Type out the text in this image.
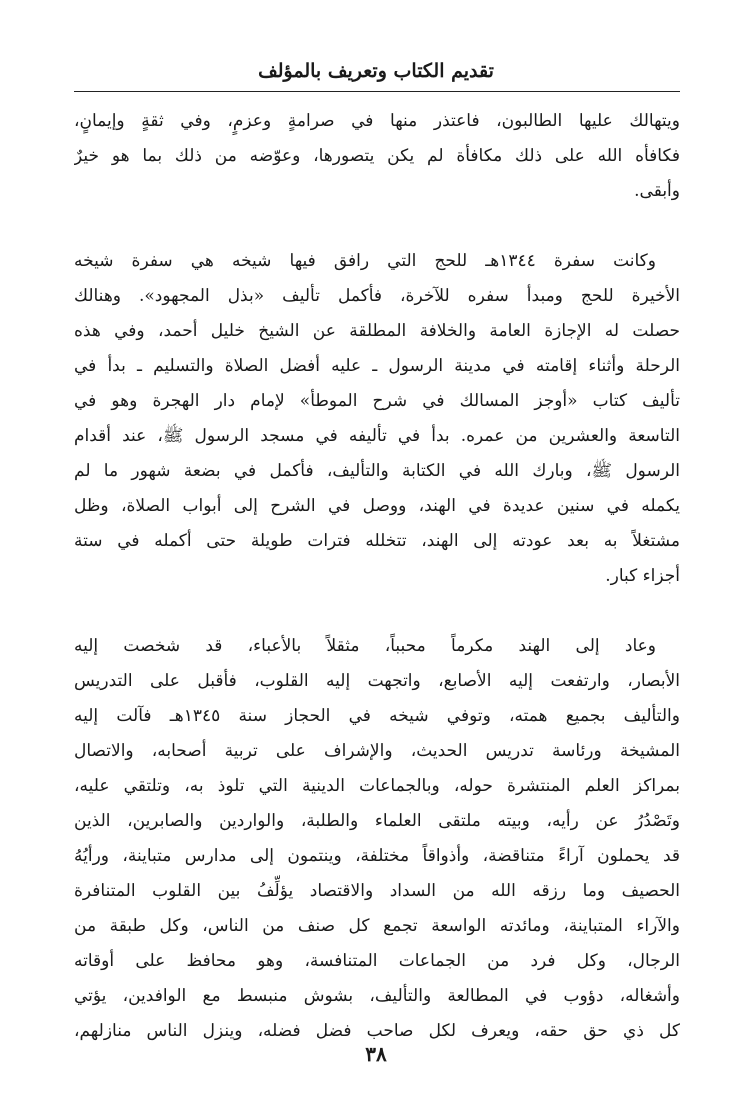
تقديم الكتاب وتعريف بالمؤلف
ويتهالك عليها الطالبون، فاعتذر منها في صرامةٍ وعزمٍ، وفي ثقةٍ وإيمانٍ،
فكافأه الله على ذلك مكافأة لم يكن يتصورها، وعوّضه من ذلك بما هو خيرٌ
وأبقى.
وكانت سفرة ١٣٤٤هـ للحج التي رافق فيها شيخه هي سفرة شيخه
الأخيرة للحج ومبدأ سفره للآخرة، فأكمل تأليف «بذل المجهود». وهنالك
حصلت له الإجازة العامة والخلافة المطلقة عن الشيخ خليل أحمد، وفي هذه
الرحلة وأثناء إقامته في مدينة الرسول ـ عليه أفضل الصلاة والتسليم ـ بدأ في
تأليف كتاب «أوجز المسالك في شرح الموطأ» لإمام دار الهجرة وهو في
التاسعة والعشرين من عمره. بدأ في تأليفه في مسجد الرسول ﷺ، عند أقدام
الرسول ﷺ، وبارك الله في الكتابة والتأليف، فأكمل في بضعة شهور ما لم
يكمله في سنين عديدة في الهند، ووصل في الشرح إلى أبواب الصلاة، وظل
مشتغلاً به بعد عودته إلى الهند، تتخلله فترات طويلة حتى أكمله في ستة
أجزاء كبار.
وعاد إلى الهند مكرماً محبباً، مثقلاً بالأعباء، قد شخصت إليه
الأبصار، وارتفعت إليه الأصابع، واتجهت إليه القلوب، فأقبل على التدريس
والتأليف بجميع همته، وتوفي شيخه في الحجاز سنة ١٣٤٥هـ فآلت إليه
المشيخة ورئاسة تدريس الحديث، والإشراف على تربية أصحابه، والاتصال
بمراكز العلم المنتشرة حوله، وبالجماعات الدينية التي تلوذ به، وتلتقي عليه،
وتَصْدُرُ عن رأيه، وبيته ملتقى العلماء والطلبة، والواردين والصابرين، الذين
قد يحملون آراءً متناقضة، وأذواقاً مختلفة، وينتمون إلى مدارس متباينة، ورأيُهُ
الحصيف وما رزقه الله من السداد والاقتصاد يؤلِّفُ بين القلوب المتنافرة
والآراء المتباينة، ومائدته الواسعة تجمع كل صنف من الناس، وكل طبقة من
الرجال، وكل فرد من الجماعات المتنافسة، وهو محافظ على أوقاته
وأشغاله، دؤوب في المطالعة والتأليف، بشوش منبسط مع الوافدين، يؤتي
كل ذي حق حقه، ويعرف لكل صاحب فضل فضله، وينزل الناس منازلهم،
٣٨
